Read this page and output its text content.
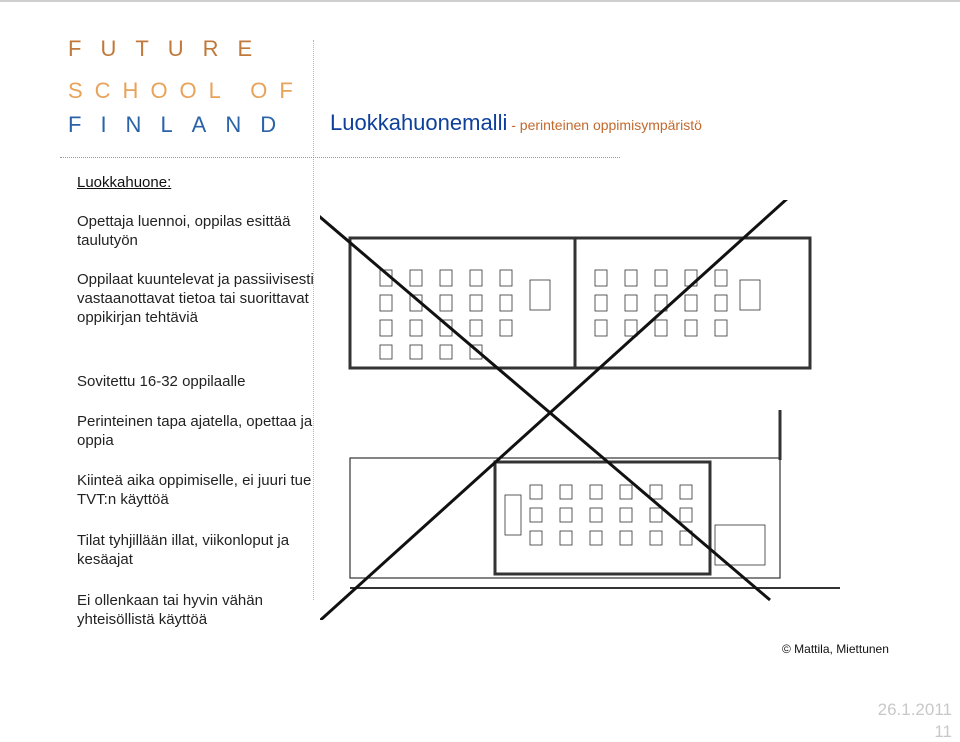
FUTURE
SCHOOL OF
FINLAND Luokkahuonemalli - perinteinen oppimisympäristö
Luokkahuone:
Opettaja luennoi, oppilas esittää taulutyön
Oppilaat kuuntelevat ja passiivisesti vastaanottavat tietoa tai suorittavat oppikirjan tehtäviä
Sovitettu 16-32 oppilaalle
Perinteinen tapa ajatella, opettaa ja oppia
Kiinteä aika oppimiselle, ei juuri tue TVT:n käyttöä
Tilat tyhjillään illat, viikonloput ja kesäajat
Ei ollenkaan tai hyvin vähän yhteisöllistä käyttöä
© Mattila, Miettunen
26.1.2011
11
